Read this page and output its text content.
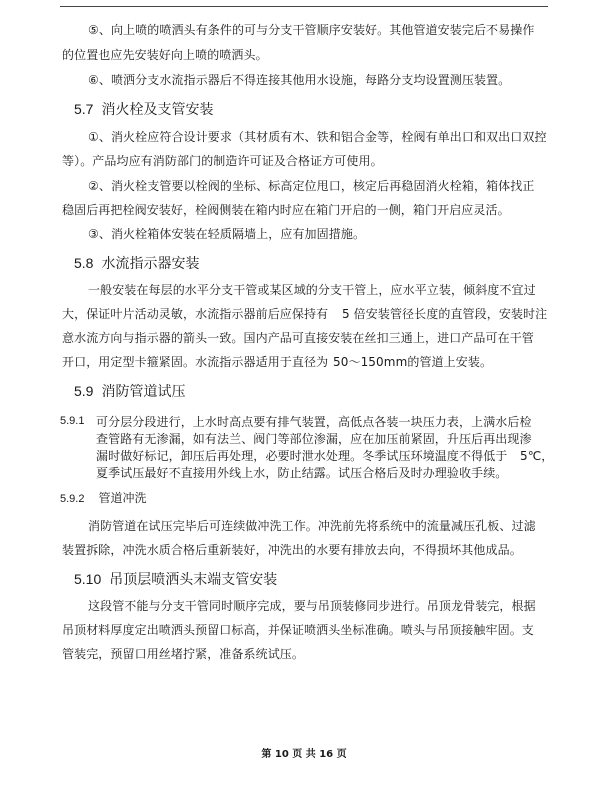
⑤、向上喷的喷洒头有条件的可与分支干管顺序安装好。其他管道安装完后不易操作

的位置也应先安装好向上喷的喷洒头。

⑥、喷洒分支水流指示器后不得连接其他用水设施，每路分支均设置测压装置。

5.7 消火栓及支管安装

①、消火栓应符合设计要求（其材质有木、铁和铝合金等，栓阀有单出口和双出口双控

等）。产品均应有消防部门的制造许可证及合格证方可使用。

②、消火栓支管要以栓阀的坐标、标高定位甩口，核定后再稳固消火栓箱，箱体找正

稳固后再把栓阀安装好，栓阀侧装在箱内时应在箱门开启的一侧，箱门开启应灵活。

③、消火栓箱体安装在轻质隔墙上，应有加固措施。

5.8 水流指示器安装

一般安装在每层的水平分支干管或某区域的分支干管上，应水平立装，倾斜度不宜过

大，保证叶片活动灵敏，水流指示器前后应保持有 5 倍安装管径长度的直管段，安装时注

意水流方向与指示器的箭头一致。国内产品可直接安装在丝扣三通上，进口产品可在干管

开口，用定型卡箍紧固。水流指示器适用于直径为 50～150mm的管道上安装。

5.9 消防管道试压
5.9.1 可分层分段进行，上水时高点要有排气装置，高低点各装一块压力表，上满水后检

查管路有无渗漏，如有法兰、阀门等部位渗漏，应在加压前紧固，升压后再出现渗

漏时做好标记，卸压后再处理，必要时泄水处理。冬季试压环境温度不得低于 5℃，

夏季试压最好不直接用外线上水，防止结露。试压合格后及时办理验收手续。

5.9.2 管道冲洗

消防管道在试压完毕后可连续做冲洗工作。冲洗前先将系统中的流量减压孔板、过滤

装置拆除，冲洗水质合格后重新装好，冲洗出的水要有排放去向，不得损坏其他成品。

5.10 吊顶层喷洒头末端支管安装

这段管不能与分支干管同时顺序完成，要与吊顶装修同步进行。吊顶龙骨装完，根据

吊顶材料厚度定出喷洒头预留口标高，并保证喷洒头坐标准确。喷头与吊顶接触牢固。支

管装完，预留口用丝堵拧紧，准备系统试压。

第 10 页 共 16 页
